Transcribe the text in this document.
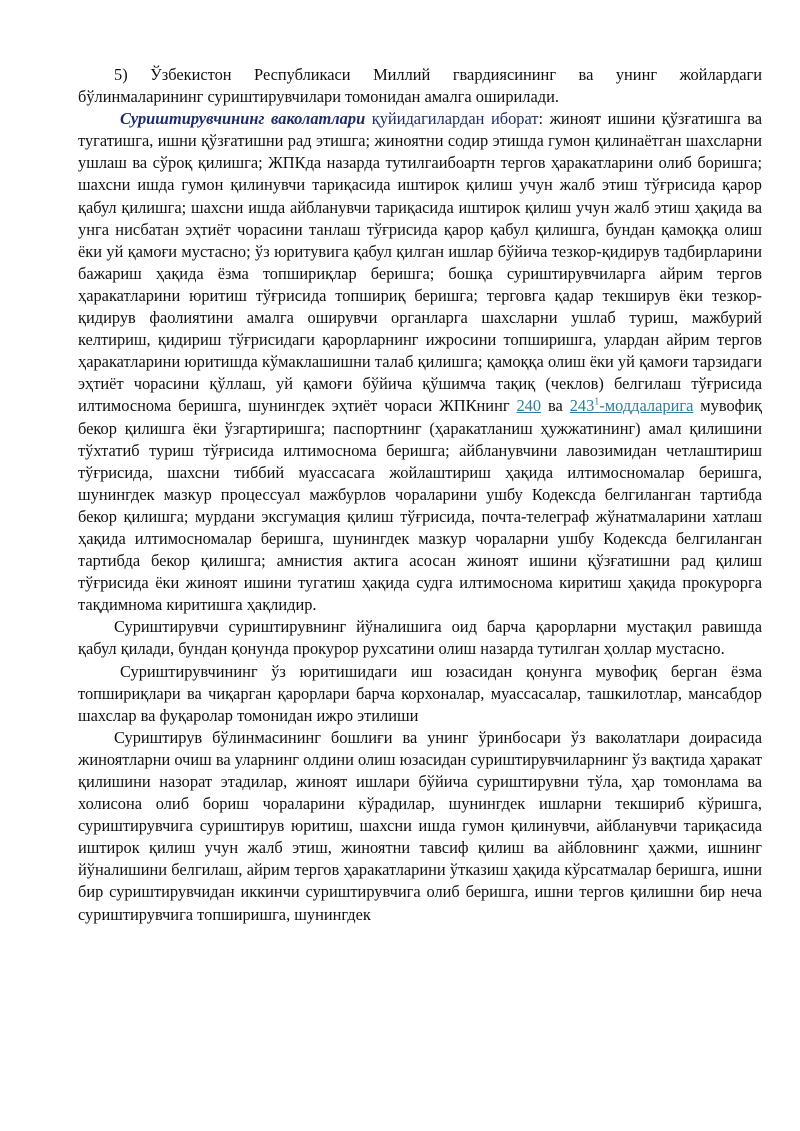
5) Ўзбекистон Республикаси Миллий гвардиясининг ва унинг жойлардаги бўлинмаларининг суриштирувчилари томонидан амалга оширилади.

Суриштирувчининг ваколатлари қуйидагилардан иборат: жиноят ишини қўзғатишга ва тугатишга, ишни қўзғатишни рад этишга; жиноятни содир этишда гумон қилинаётган шахсларни ушлаш ва сўроқ қилишга; ЖПКда назарда тутилгаибоартн тергов ҳаракатларини олиб боришга; шахсни ишда гумон қилинувчи тариқасида иштирок қилиш учун жалб этиш тўғрисида қарор қабул қилишга; шахсни ишда айбланувчи тариқасида иштирок қилиш учун жалб этиш ҳақида ва унга нисбатан эҳтиёт чорасини танлаш тўғрисида қарор қабул қилишга, бундан қамоққа олиш ёки уй қамоғи мустасно; ўз юритувига қабул қилган ишлар бўйича тезкор-қидирув тадбирларини бажариш ҳақида ёзма топшириқлар беришга; бошқа суриштирувчиларга айрим тергов ҳаракатларини юритиш тўғрисида топшириқ беришга; терговга қадар текширув ёки тезкор-қидирув фаолиятини амалга оширувчи органларга шахсларни ушлаб туриш, мажбурий келтириш, қидириш тўғрисидаги қарорларнинг ижросини топширишга, улардан айрим тергов ҳаракатларини юритишда кўмаклашишни талаб қилишга; қамоққа олиш ёки уй қамоғи тарзидаги эҳтиёт чорасини қўллаш, уй қамоғи бўйича қўшимча тақиқ (чеклов) белгилаш тўғрисида илтимоснома беришга, шунингдек эҳтиёт чораси ЖПКнинг 240 ва 243$^1$-моддаларига мувофиқ бекор қилишга ёки ўзгартиришга; паспортнинг (ҳаракатланиш ҳужжатининг) амал қилишини тўхтатиб туриш тўғрисида илтимоснома беришга; айбланувчини лавозимидан четлаштириш тўғрисида, шахсни тиббий муассасага жойлаштириш ҳақида илтимосномалар беришга, шунингдек мазкур процессуал мажбурлов чораларини ушбу Кодексда белгиланган тартибда бекор қилишга; мурдани эксгумация қилиш тўғрисида, почта-телеграф жўнатмаларини хатлаш ҳақида илтимосномалар беришга, шунингдек мазкур чораларни ушбу Кодексда белгиланган тартибда бекор қилишга; амнистия актига асосан жиноят ишини қўзғатишни рад қилиш тўғрисида ёки жиноят ишини тугатиш ҳақида судга илтимоснома киритиш ҳақида прокурорга тақдимнома киритишга ҳақлидир.

Суриштирувчи суриштирувнинг йўналишига оид барча қарорларни мустақил равишда қабул қилади, бундан қонунда прокурор рухсатини олиш назарда тутилган ҳоллар мустасно.

Суриштирувчининг ўз юритишидаги иш юзасидан қонунга мувофиқ берган ёзма топшириқлари ва чиқарган қарорлари барча корхоналар, муассасалар, ташкилотлар, мансабдор шахслар ва фуқаролар томонидан ижро этилиши

Суриштирув бўлинмасининг бошлиғи ва унинг ўринбосари ўз ваколатлари доирасида жиноятларни очиш ва уларнинг олдини олиш юзасидан суриштирувчиларнинг ўз вақтида ҳаракат қилишини назорат этадилар, жиноят ишлари бўйича суриштирувни тўла, ҳар томонлама ва холисона олиб бориш чораларини кўрадилар, шунингдек ишларни текшириб кўришга, суриштирувчига суриштирув юритиш, шахсни ишда гумон қилинувчи, айбланувчи тариқасида иштирок қилиш учун жалб этиш, жиноятни тавсиф қилиш ва айбловнинг ҳажми, ишнинг йўналишини белгилаш, айрим тергов ҳаракатларини ўтказиш ҳақида кўрсатмалар беришга, ишни бир суриштирувчидан иккинчи суриштирувчига олиб беришга, ишни тергов қилишни бир неча суриштирувчига топширишга, шунингдек
